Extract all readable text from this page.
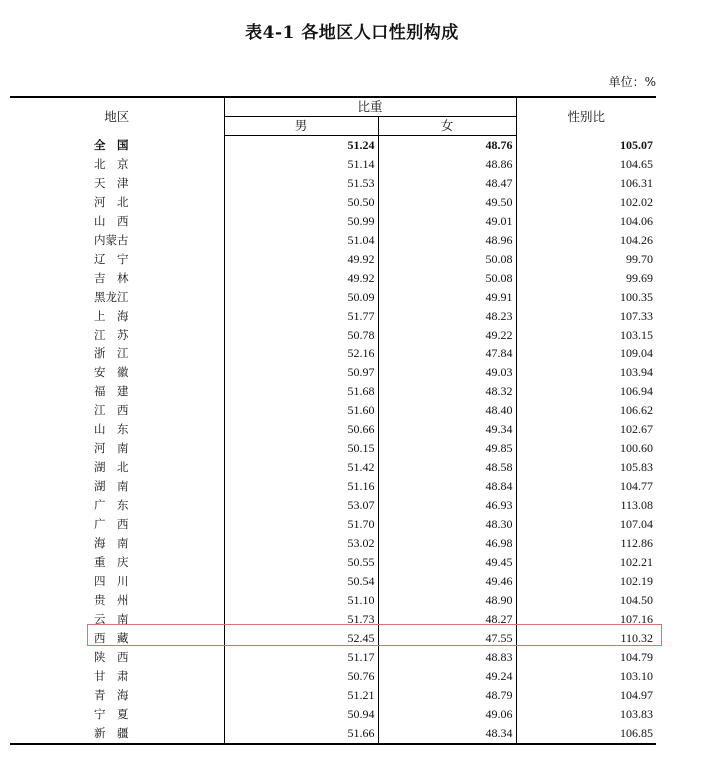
表4-1 各地区人口性别构成
单位：%
地区	比重		性别比
	男	女	
全　国	51.24	48.76	105.07
北　京	51.14	48.86	104.65
天　津	51.53	48.47	106.31
河　北	50.50	49.50	102.02
山　西	50.99	49.01	104.06
内蒙古	51.04	48.96	104.26
辽　宁	49.92	50.08	99.70
吉　林	49.92	50.08	99.69
黑龙江	50.09	49.91	100.35
上　海	51.77	48.23	107.33
江　苏	50.78	49.22	103.15
浙　江	52.16	47.84	109.04
安　徽	50.97	49.03	103.94
福　建	51.68	48.32	106.94
江　西	51.60	48.40	106.62
山　东	50.66	49.34	102.67
河　南	50.15	49.85	100.60
湖　北	51.42	48.58	105.83
湖　南	51.16	48.84	104.77
广　东	53.07	46.93	113.08
广　西	51.70	48.30	107.04
海　南	53.02	46.98	112.86
重　庆	50.55	49.45	102.21
四　川	50.54	49.46	102.19
贵　州	51.10	48.90	104.50
云　南	51.73	48.27	107.16
西　藏	52.45	47.55	110.32
陕　西	51.17	48.83	104.79
甘　肃	50.76	49.24	103.10
青　海	51.21	48.79	104.97
宁　夏	50.94	49.06	103.83
新　疆	51.66	48.34	106.85
